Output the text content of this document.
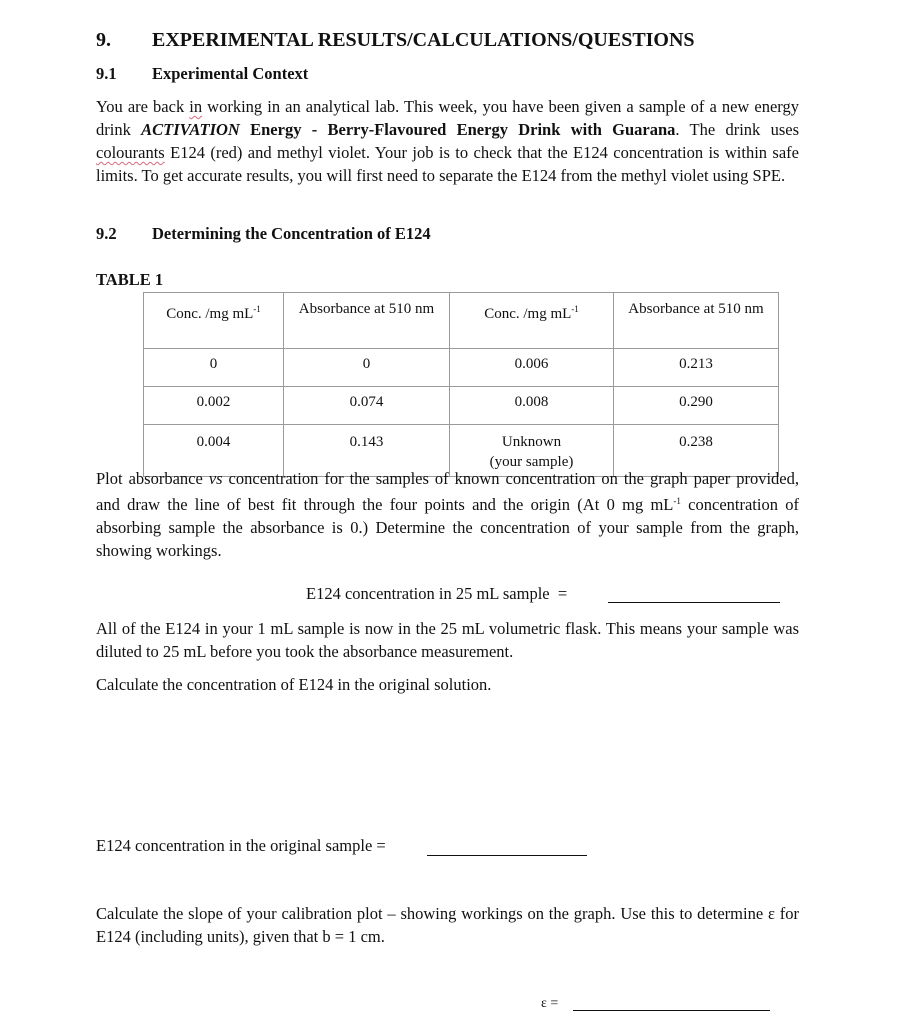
9. EXPERIMENTAL RESULTS/CALCULATIONS/QUESTIONS
9.1 Experimental Context

You are back in working in an analytical lab. This week, you have been given a sample of a new energy drink ACTIVATION Energy - Berry-Flavoured Energy Drink with Guarana. The drink uses colourants E124 (red) and methyl violet. Your job is to check that the E124 concentration is within safe limits. To get accurate results, you will first need to separate the E124 from the methyl violet using SPE.

9.2 Determining the Concentration of E124
TABLE 1
Conc. /mg $mL^{-1}$	Absorbance at 510 nm	Conc. /mg $mL^{-1}$	Absorbance at 510 nm
0	0	0.006	0.213
0.002	0.074	0.008	0.290
0.004	0.143	Unknown (your sample)	0.238

Plot absorbance vs concentration for the samples of known concentration on the graph paper provided, and draw the line of best fit through the four points and the origin (At 0 mg $mL^{-1}$ concentration of absorbing sample the absorbance is 0.) Determine the concentration of your sample from the graph, showing workings.

E124 concentration in 25 mL sample  =

All of the E124 in your 1 mL sample is now in the 25 mL volumetric flask. This means your sample was diluted to 25 mL before you took the absorbance measurement.

Calculate the concentration of E124 in the original solution.

E124 concentration in the original sample =

Calculate the slope of your calibration plot – showing workings on the graph. Use this to determine ε for E124 (including units), given that b = 1 cm.

ε =
